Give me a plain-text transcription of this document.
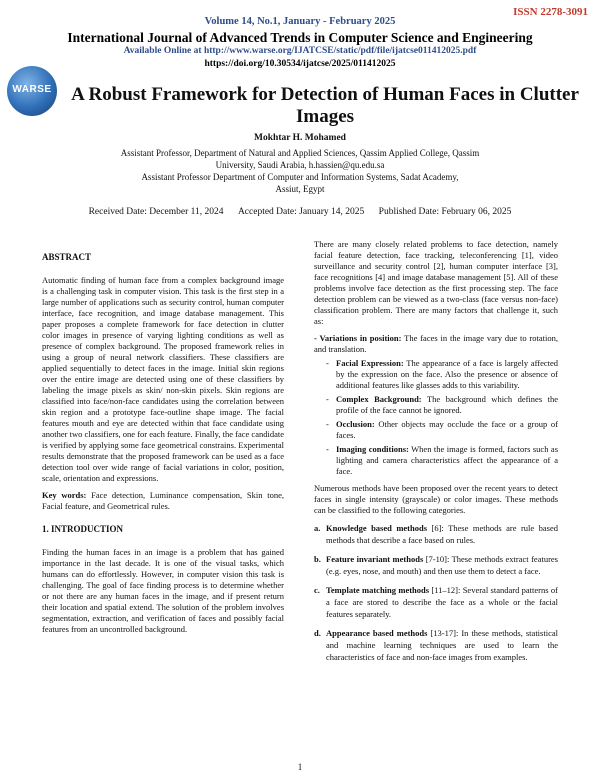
ISSN 2278-3091
Volume 14, No.1, January - February 2025
International Journal of Advanced Trends in Computer Science and Engineering
Available Online at http://www.warse.org/IJATCSE/static/pdf/file/ijatcse011412025.pdf
https://doi.org/10.30534/ijatcse/2025/011412025
WARSE	A Robust Framework for Detection of Human Faces in Clutter Images
Mokhtar H. Mohamed
Assistant Professor, Department of Natural and Applied Sciences, Qassim Applied College, Qassim
University, Saudi Arabia, h.hassien@qu.edu.sa
Assistant Professor Department of Computer and Information Systems, Sadat Academy,
Assiut, Egypt
Received Date: December 11, 2024 Accepted Date: January 14, 2025 Published Date: February 06, 2025
ABSTRACT

Automatic finding of human face from a complex background image is a challenging task in computer vision. This task is the first step in a large number of applications such as security control, human computer interface, face recognition, and image database management. This paper proposes a complete framework for face detection in clutter color images in presence of varying lighting conditions as well as presence of complex background. The proposed framework relies in using a group of neural network classifiers. These classifiers are applied sequentially to detect faces in the image. Initial skin regions over the entire image are detected using one of these classifiers by labeling the image pixels as skin/ non-skin pixels. Skin regions are classified into face/non-face candidates using the correlation between skin region and a prototype face-outline shape image. The facial features mouth and eye are detected within that face candidate using another two classifiers, one for each feature. Finally, the face candidate is verified by applying some face geometrical constrains. Experimental results demonstrate that the proposed framework can be used as a face detection tool over wide range of facial variations in color, position, scale, orientation and expressions.

Key words: Face detection, Luminance compensation, Skin tone, Facial feature, and Geometrical rules.

1. INTRODUCTION

Finding the human faces in an image is a problem that has gained importance in the last decade. It is one of the visual tasks, which humans can do effortlessly. However, in computer vision this task is challenging. The goal of face finding process is to determine whether or not there are any human faces in the image, and if present return their location and spatial extend. The solution of the problem involves segmentation, extraction, and verification of faces and possibly facial features from an uncontrolled background.

There are many closely related problems to face detection, namely facial feature detection, face tracking, teleconferencing [1], video surveillance and security control [2], human computer interface [3], face recognitions [4] and image database management [5]. All of these problems involve face detection as the first processing step. The face detection problem can be viewed as a two-class (face versus non-face) classification problem. There are many factors that challenge it, such as:

- Variations in position: The faces in the image vary due to rotation, and translation.

- Facial Expression: The appearance of a face is largely affected by the expression on the face. Also the presence or absence of additional features like glasses adds to this variability.
- Complex Background: The background which defines the profile of the face cannot be ignored.
- Occlusion: Other objects may occlude the face or a group of faces.
- Imaging conditions: When the image is formed, factors such as lighting and camera characteristics affect the appearance of a face.

Numerous methods have been proposed over the recent years to detect faces in single intensity (grayscale) or color images. These methods can be classified to the following categories.

a. Knowledge based methods [6]: These methods are rule based methods that describe a face based on rules.
b. Feature invariant methods [7-10]: These methods extract features (e.g. eyes, nose, and mouth) and then use them to detect a face.
c. Template matching methods [11–12]: Several standard patterns of a face are stored to describe the face as a whole or the facial features separately.
d. Appearance based methods [13-17]: In these methods, statistical and machine learning techniques are used to learn the characteristics of face and non-face images from examples.
1
